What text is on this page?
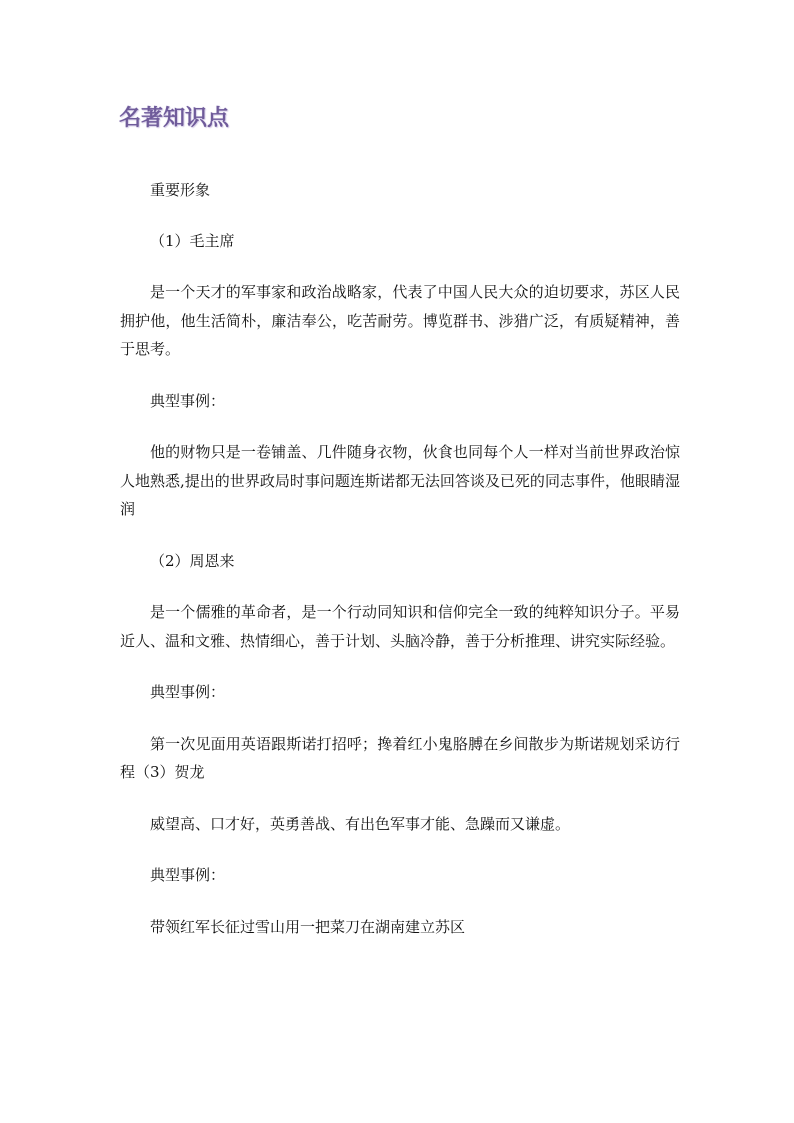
名著知识点

重要形象

（1）毛主席

是一个天才的军事家和政治战略家，代表了中国人民大众的迫切要求，苏区人民拥护他，他生活简朴，廉洁奉公，吃苦耐劳。博览群书、涉猎广泛，有质疑精神，善于思考。

典型事例：

他的财物只是一卷铺盖、几件随身衣物，伙食也同每个人一样对当前世界政治惊人地熟悉,提出的世界政局时事问题连斯诺都无法回答谈及已死的同志事件，他眼睛湿润

（2）周恩来

是一个儒雅的革命者，是一个行动同知识和信仰完全一致的纯粹知识分子。平易近人、温和文雅、热情细心，善于计划、头脑冷静，善于分析推理、讲究实际经验。

典型事例：

第一次见面用英语跟斯诺打招呼；搀着红小鬼胳膊在乡间散步为斯诺规划采访行程（3）贺龙

威望高、口才好，英勇善战、有出色军事才能、急躁而又谦虚。

典型事例：

带领红军长征过雪山用一把菜刀在湖南建立苏区
